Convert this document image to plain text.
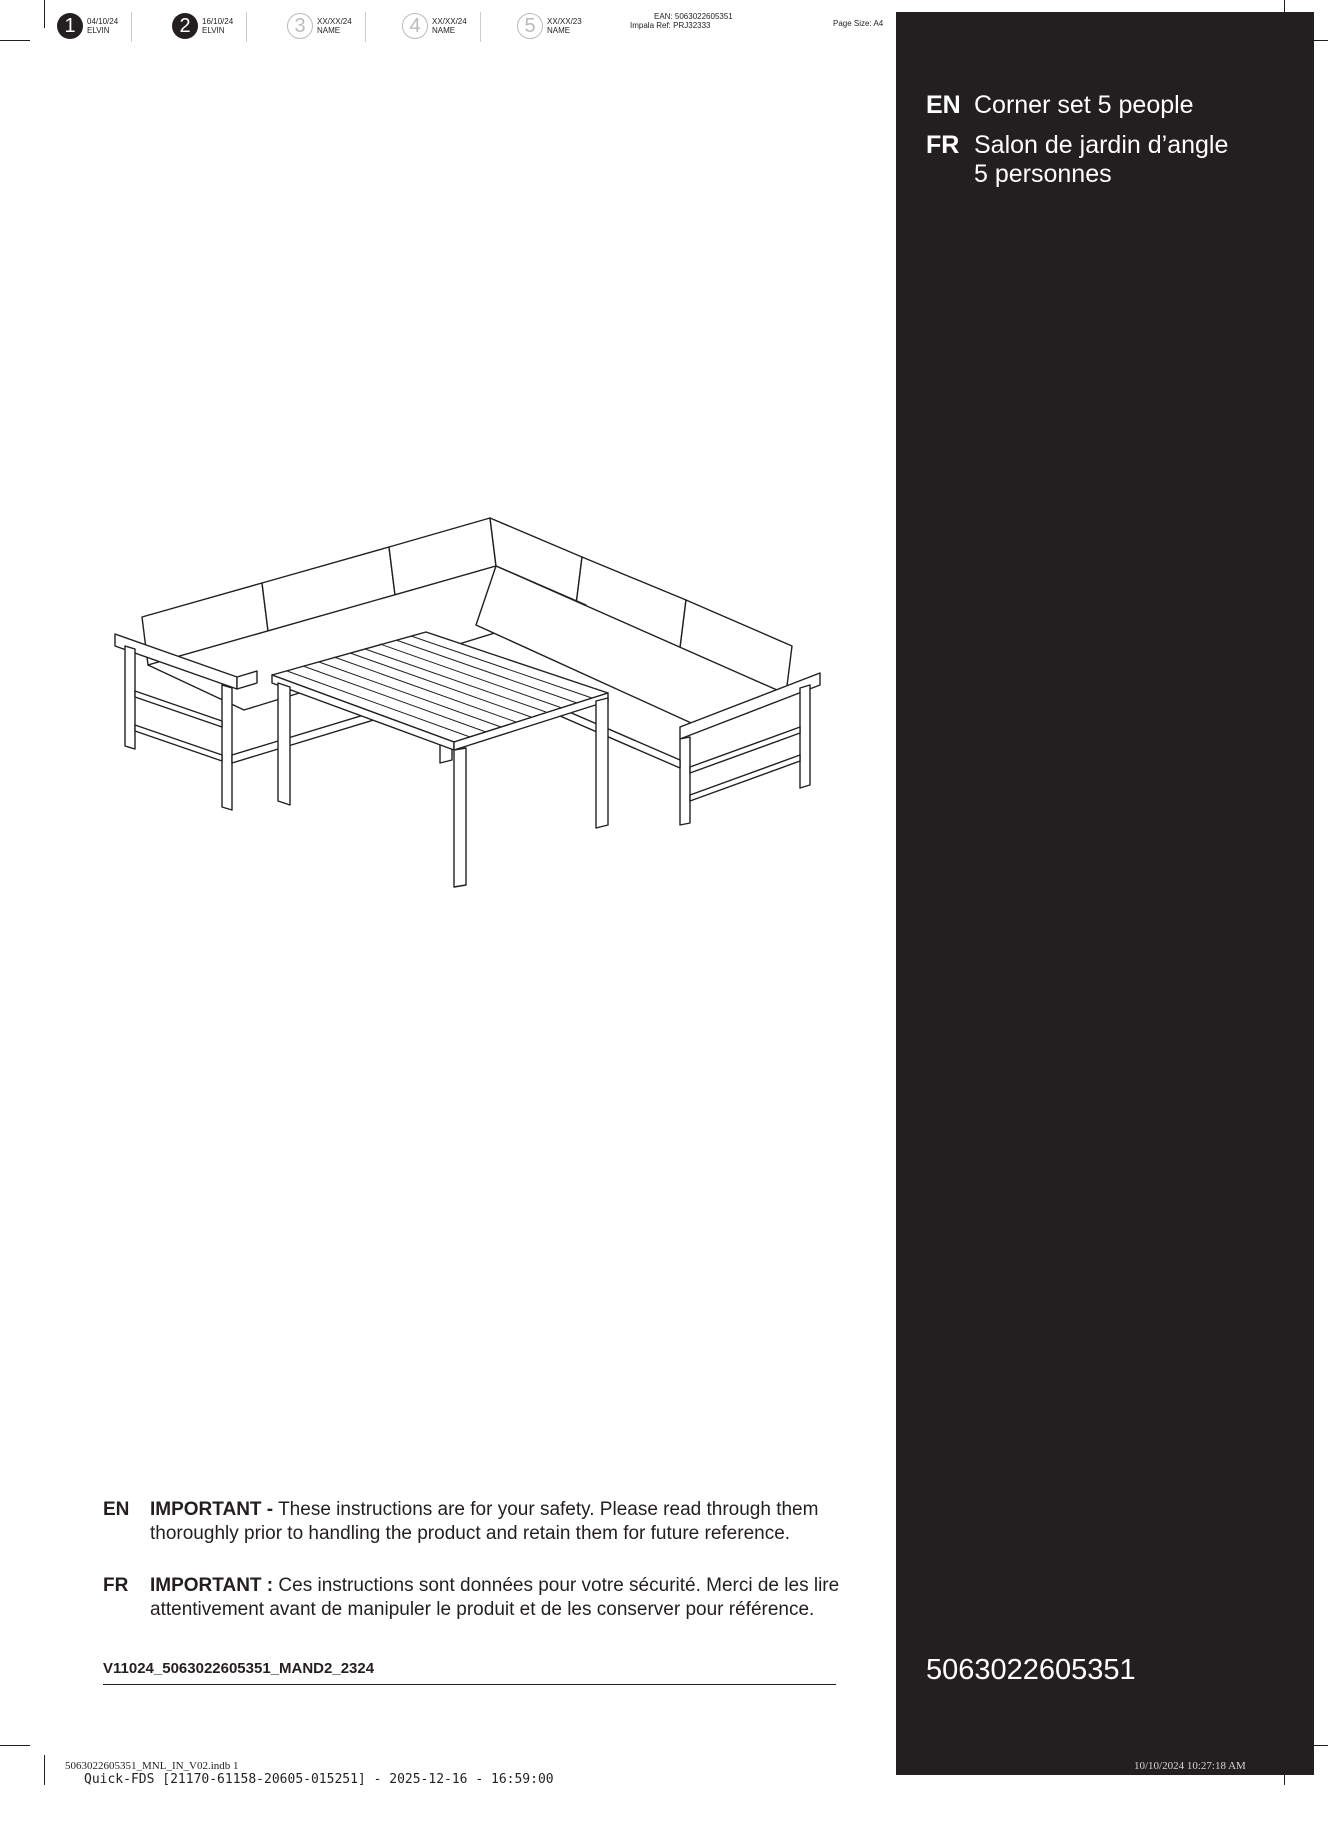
1	04/10/24
ELVIN	2	16/10/24
ELVIN	3	XX/XX/24
NAME	4	XX/XX/24
NAME	5	XX/XX/23
NAME
EAN: 5063022605351
Impala Ref: PRJ32333	Page Size: A4
EN Corner set 5 people
FR Salon de jardin d’angle
5 personnes
5063022605351
EN	IMPORTANT - These instructions are for your safety. Please read through them thoroughly prior to handling the product and retain them for future reference.
FR	IMPORTANT : Ces instructions sont données pour votre sécurité. Merci de les lire attentivement avant de manipuler le produit et de les conserver pour référence.
V11024_5063022605351_MAND2_2324
5063022605351_MNL_IN_V02.indb 1
Quick-FDS [21170-61158-20605-015251] - 2025-12-16 - 16:59:00
10/10/2024 10:27:18 AM
